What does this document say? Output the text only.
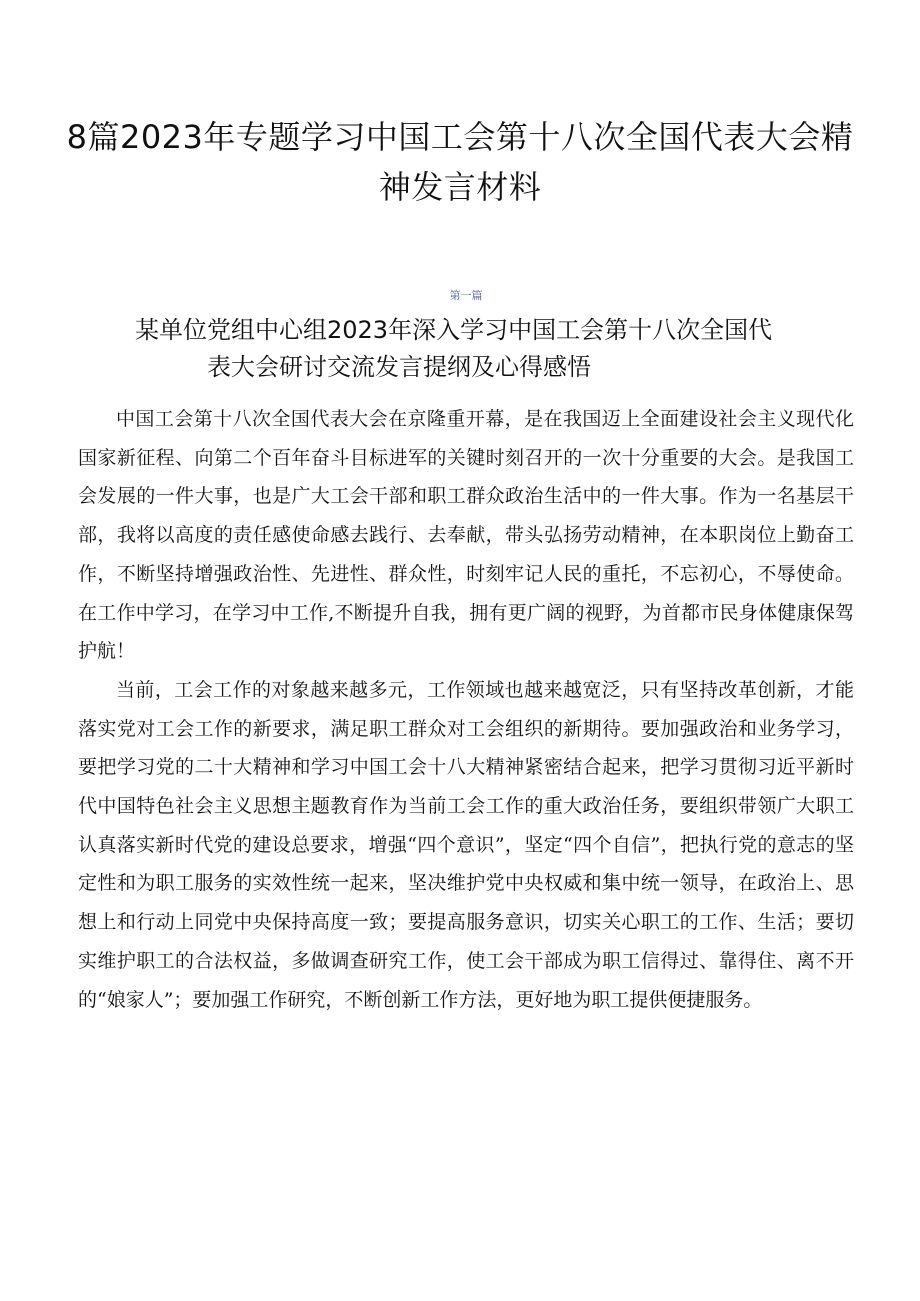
8篇2023年专题学习中国工会第十八次全国代表大会精神发言材料
第一篇
某单位党组中心组2023年深入学习中国工会第十八次全国代
表大会研讨交流发言提纲及心得感悟

中国工会第十八次全国代表大会在京隆重开幕，是在我国迈上全面建设社会主义现代化国家新征程、向第二个百年奋斗目标进军的关键时刻召开的一次十分重要的大会。是我国工会发展的一件大事，也是广大工会干部和职工群众政治生活中的一件大事。作为一名基层干部，我将以高度的责任感使命感去践行、去奉献，带头弘扬劳动精神，在本职岗位上勤奋工作，不断坚持增强政治性、先进性、群众性，时刻牢记人民的重托，不忘初心，不辱使命。在工作中学习，在学习中工作,不断提升自我，拥有更广阔的视野，为首都市民身体健康保驾护航！

当前，工会工作的对象越来越多元，工作领域也越来越宽泛，只有坚持改革创新，才能落实党对工会工作的新要求，满足职工群众对工会组织的新期待。要加强政治和业务学习，要把学习党的二十大精神和学习中国工会十八大精神紧密结合起来，把学习贯彻习近平新时代中国特色社会主义思想主题教育作为当前工会工作的重大政治任务，要组织带领广大职工认真落实新时代党的建设总要求，增强“四个意识”，坚定“四个自信”，把执行党的意志的坚定性和为职工服务的实效性统一起来，坚决维护党中央权威和集中统一领导，在政治上、思想上和行动上同党中央保持高度一致；要提高服务意识，切实关心职工的工作、生活；要切实维护职工的合法权益，多做调查研究工作，使工会干部成为职工信得过、靠得住、离不开的“娘家人”；要加强工作研究，不断创新工作方法，更好地为职工提供便捷服务。
